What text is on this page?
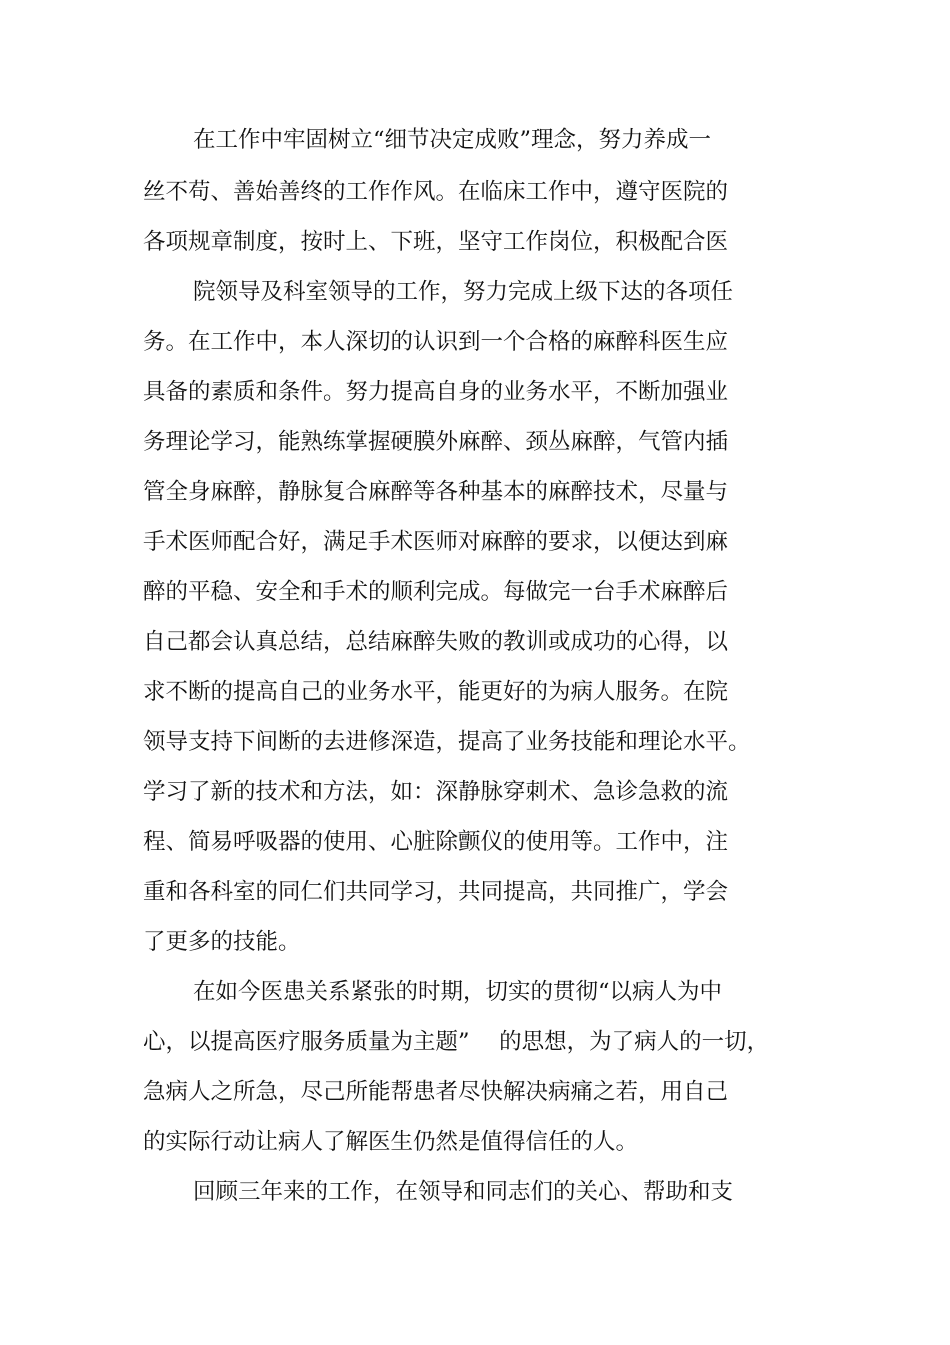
在工作中牢固树立“细节决定成败”理念，努力养成一
丝不苟、善始善终的工作作风。在临床工作中，遵守医院的
各项规章制度，按时上、下班，坚守工作岗位，积极配合医
院领导及科室领导的工作，努力完成上级下达的各项任
务。在工作中，本人深切的认识到一个合格的麻醉科医生应
具备的素质和条件。努力提高自身的业务水平，不断加强业
务理论学习，能熟练掌握硬膜外麻醉、颈丛麻醉，气管内插
管全身麻醉，静脉复合麻醉等各种基本的麻醉技术，尽量与
手术医师配合好，满足手术医师对麻醉的要求，以便达到麻
醉的平稳、安全和手术的顺利完成。每做完一台手术麻醉后
自己都会认真总结，总结麻醉失败的教训或成功的心得，以
求不断的提高自己的业务水平，能更好的为病人服务。在院
领导支持下间断的去进修深造，提高了业务技能和理论水平。
学习了新的技术和方法，如：深静脉穿刺术、急诊急救的流
程、简易呼吸器的使用、心脏除颤仪的使用等。工作中，注
重和各科室的同仁们共同学习，共同提高，共同推广，学会
了更多的技能。
在如今医患关系紧张的时期，切实的贯彻“以病人为中
心，以提高医疗服务质量为主题”　 的思想，为了病人的一切，
急病人之所急，尽己所能帮患者尽快解决病痛之若，用自己
的实际行动让病人了解医生仍然是值得信任的人。
回顾三年来的工作，在领导和同志们的关心、帮助和支
